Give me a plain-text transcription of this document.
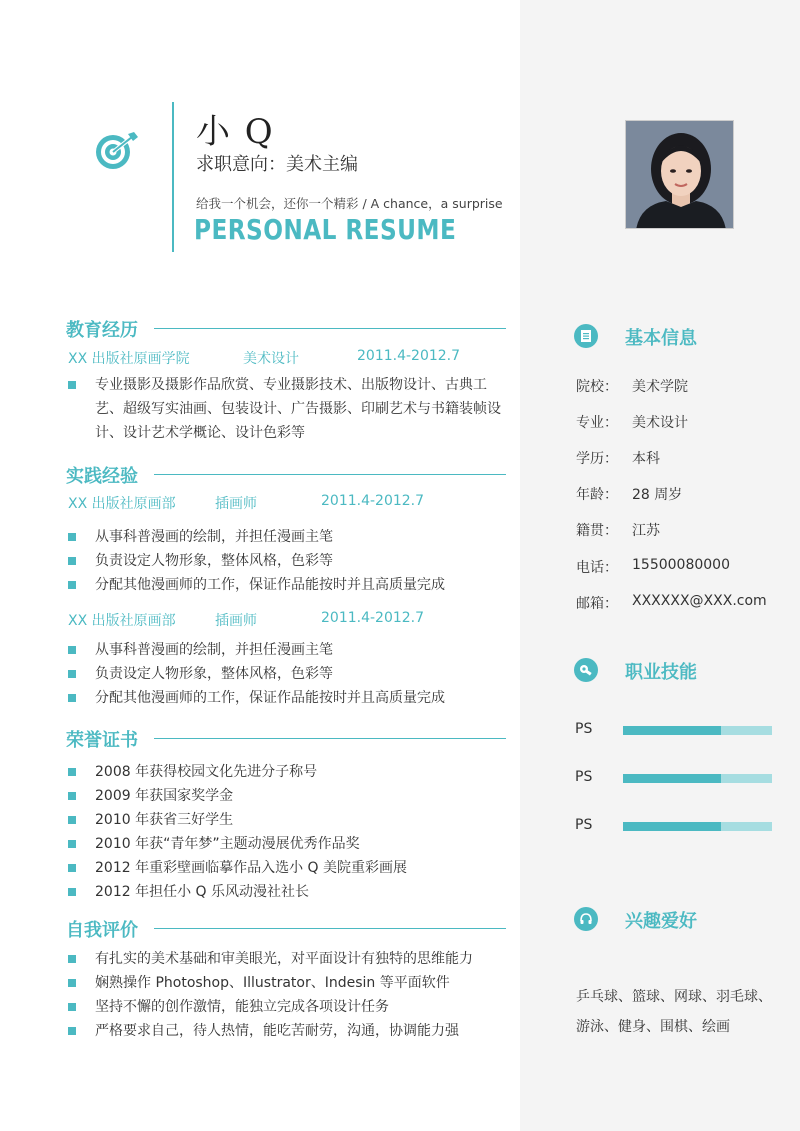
小 Q
求职意向：美术主编
给我一个机会，还你一个精彩 / A chance，a surprise
PERSONAL RESUME
教育经历
XX 出版社原画学院	美术设计	2011.4-2012.7
专业摄影及摄影作品欣赏、专业摄影技术、出版物设计、古典工艺、超级写实油画、包装设计、广告摄影、印刷艺术与书籍装帧设计、设计艺术学概论、设计色彩等
实践经验
XX 出版社原画部	插画师	2011.4-2012.7
从事科普漫画的绘制，并担任漫画主笔
负责设定人物形象，整体风格，色彩等
分配其他漫画师的工作，保证作品能按时并且高质量完成
XX 出版社原画部	插画师	2011.4-2012.7
从事科普漫画的绘制，并担任漫画主笔
负责设定人物形象，整体风格，色彩等
分配其他漫画师的工作，保证作品能按时并且高质量完成
荣誉证书
2008 年获得校园文化先进分子称号
2009 年获国家奖学金
2010 年获省三好学生
2010 年获“青年梦”主题动漫展优秀作品奖
2012 年重彩壁画临摹作品入选小 Q 美院重彩画展
2012 年担任小 Q 乐风动漫社社长
自我评价
有扎实的美术基础和审美眼光，对平面设计有独特的思维能力
娴熟操作 Photoshop、Illustrator、Indesin 等平面软件
坚持不懈的创作激情，能独立完成各项设计任务
严格要求自己，待人热情，能吃苦耐劳，沟通，协调能力强
基本信息
院校： 美术学院
专业： 美术设计
学历： 本科
年龄： 28 周岁
籍贯： 江苏
电话： 15500080000
邮箱： XXXXXX@XXX.com
职业技能
PS
PS
PS
兴趣爱好
乒乓球、篮球、网球、羽毛球、游泳、健身、围棋、绘画
